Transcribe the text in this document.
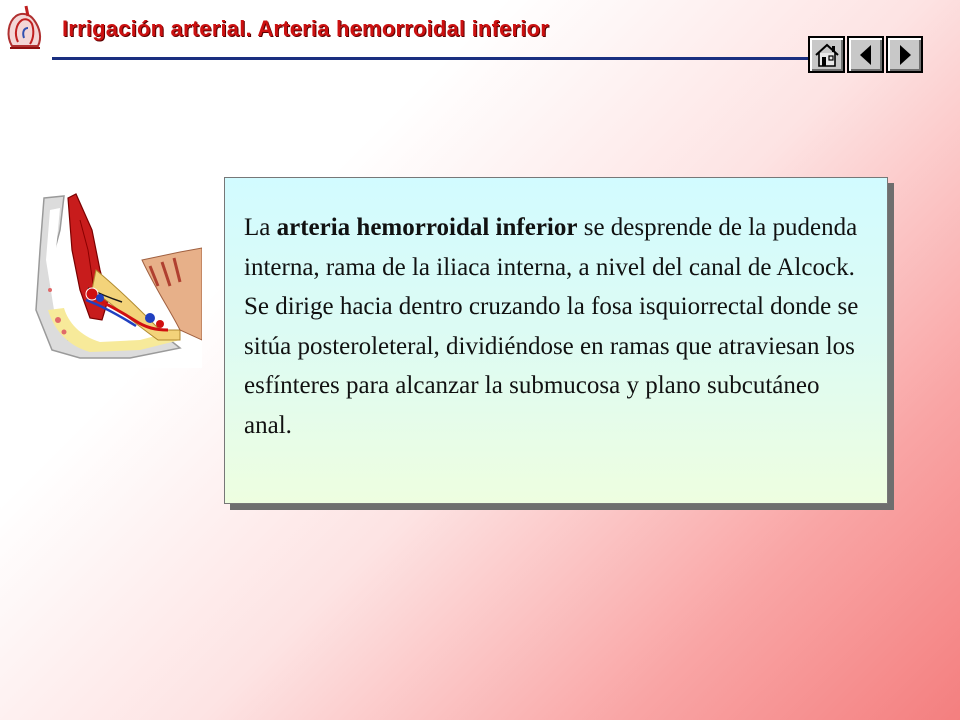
Irrigación arterial. Arteria hemorroidal inferior
La arteria hemorroidal inferior se desprende de la pudenda interna, rama de la iliaca interna, a nivel del canal de Alcock. Se dirige hacia dentro cruzando la fosa isquiorrectal donde se sitúa posteroleteral, dividiéndose en ramas que atraviesan los esfínteres para alcanzar la submucosa y plano subcutáneo anal.
